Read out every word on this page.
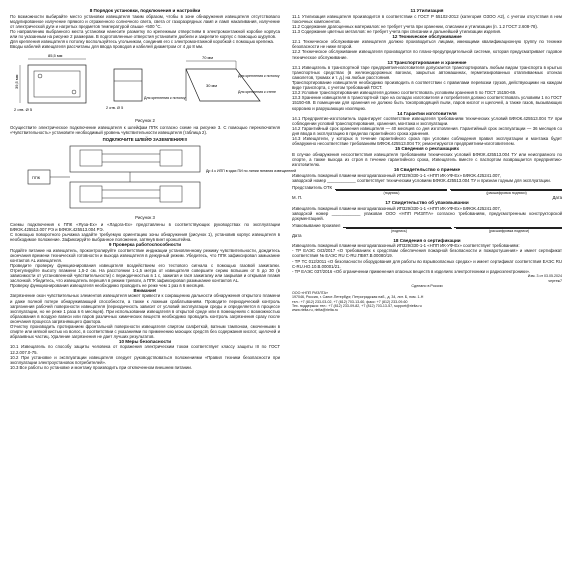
8 Порядок установки, подключения и настройки

По возможности выбирайте место установки извещателя таким образом, чтобы в зоне обнаружения извещателя отсутствовало модулированное излучение прямого и отраженного солнечного света, света от газоразрядных ламп и ламп накаливания, излучение от электрической дуги и нагретых предметов температурой свыше +500 °С.

По направлению выбранного места установки нанесите разметку по крепежным отверстиям в электромонтажной коробке корпуса или по указанным на рисунке 2 размерам. В подготовленные отверстия установите дюбели и закрепите корпус с помощью шурупов.

Для крепления извещателя к потолку воспользуйтесь угольником, соединив его с электромонтажной коробкой с помощью крепежа.

Вводы кабелей извещателя рассчитаны для ввода проводов и кабелей диаметром от 4 до 8 мм.

85,5 мм
39,5 мм
2 отв. Ø 5	2 отв. Ø 5
Для крепления к потолку
70 мм
30 мм
Для крепления к потолку
Для крепления к стене
Рисунок 2

Осуществите электрическое подключение извещателя к шлейфам ППК согласно схеме на рисунке 3. С помощью переключателя «Чувствительность» установите необходимый уровень чувствительности извещателя (таблица 2).

ПОДКЛЮЧИТЕ ШЛЕЙФ ЗАЗЕМЛЕНИЯ!!!
ППК
Др 4 к ИПП в ядах ПИ по линии питания извещателей
Рисунок 3

Схемы подключения к ППК «Яуза-Ех» и «Ладога-Ех» представлены в соответствующих руководствах по эксплуатации БФЮК.425513.007 РЭ и БФЮК.425513.004 РЭ.

С помощью поворотного рычажка задайте требуемую ориентацию зоны обнаружения (рисунок 1), установив корпус извещателя в необходимое положение. Зафиксируйте выбранное положение, затянув винт кронштейна.

9 Проверка работоспособности

Подайте питание на извещатель, проконтролируйте соответствие индикации установленному режиму чувствительности, дождитесь окончания времени технической готовности и выхода извещателя в дежурный режим. Убедитесь, что ППК зафиксировал замыкание контактов AL извещателя.

Проведите проверку функционирования извещателя воздействием его тестового сигнала с помощью газовой зажигалки. Отрегулируйте высоту пламени 1,5-2 см. На расстоянии 1-1,5 метра от извещателя совершите серию вспышек от 5 до 30 (в зависимости от установленной чувствительности) с периодичностью в 1 с, зажигая и гася зажигалку или закрывая и открывая пламя заслонкой. Убедитесь, что извещатель перешёл в режим тревоги, а ППК зафиксировал размыкание контактов AL.

Проверку функционирования извещателя необходимо проводить не реже чем 1 раз в 6 месяцев.

Внимание!

Загрязнение окон чувствительных элементов извещателя может привести к сокращению дальности обнаружения открытого пламени и даже полной потере обнаруживающей способности, а также к ложным срабатываниям. Проводите периодический контроль загрязнения рабочей поверхности извещателя (периодичность зависит от условий эксплуатации среды и определяется в процессе эксплуатации, но не реже 1 раза в 6 месяцев). При использовании извещателя в открытой среде или в помещениях с возможностью образования в воздухе взвеси или паров различных химических веществ необходимо проводить контроль загрязнения сразу после окончания процесса загрязняющего фактора.

Отчистку производить протиранием фронтальной поверхности извещателя спиртом салфеткой, ватным тампоном, смоченными в спирте или мягкой кистью из волос, в соответствии с указаниями по применению моющих средств без содержания кислот, щелочей и абразивных частиц. Удаление загрязнения не дает лучших результатов.

10 Меры безопасности

10.1 Извещатель по способу защиты человека от поражения электрическим током соответствует классу защиты III по ГОСТ 12.2.007.0-75.

10.2 При установке и эксплуатации извещателя следует руководствоваться положениями «Правил техники безопасности при эксплуатации электроустановок потребителей».

10.3 Все работы по установке и монтажу производить при отключенном внешнем питании.

11 Утилизация

11.1 Утилизация извещателя производится в соответствии с ГОСТ Р 55102-2012 (категория ОЗОО А2), с учетом отсутствия в нем токсичных компонентов.

11.2 Содержание драгоценных материалов: не требует учета при хранении, списании и утилизации (п. 1.2 ГОСТ 2.608-78).

11.3 Содержание цветных металлов: не требует учета при списании и дальнейшей утилизации изделия.

12 Техническое обслуживание

12.1 Техническое обслуживание извещателя должно производиться лицами, имеющими квалификационную группу по технике безопасности не ниже второй.

12.2 Техническое обслуживание извещателя производится по плано-предупредительной системе, которая предусматривает годовое техническое обслуживание.

13 Транспортирование и хранение

13.1 Извещатель в транспортной таре предприятия-изготовителя допускается транспортировать любым видом транспорта в крытых транспортных средствах (в железнодорожных вагонах, закрытых автомашинах, герметизированных отапливаемых отсеках самолетов, трюмах и т. д.) на любые расстояния.

Транспортирование извещателя необходимо производить в соответствии с правилами перевозки грузов, действующими на каждом виде транспорта, с учетом требований ГОСТ.

13.2 Условие транспортирования извещателя должно соответствовать условиям хранения 5 по ГОСТ 15150-69.

13.3 Хранение извещателя в транспортной таре на складах изготовителя и потребителя должно соответствовать условиям 1 по ГОСТ 15150-69. В помещении для хранения не должно быть токопроводящей пыли, паров кислот и щелочей, а также газов, вызывающих коррозию и разрушающих изоляцию.

14 Гарантии изготовителя

14.1 Предприятие-изготовитель гарантирует соответствие извещателя требованиям технических условий БФЮК.425513.004 ТУ при соблюдении условий транспортирования, хранения, монтажа и эксплуатации.

14.2 Гарантийный срок хранения извещателя — 40 месяцев со дня изготовления. Гарантийный срок эксплуатации — 36 месяцев со дня ввода в эксплуатацию в пределах гарантийного срока хранения.

14.3 Извещатели, у которых в течение гарантийного срока при условии соблюдения правил эксплуатации и монтажа будет обнаружено несоответствие требованиям БФЮК.425513.004 ТУ, ремонтируются предприятием-изготовителем.

15 Сведения о рекламациях

В случае обнаружения несоответствия извещателя требованиям технических условий БФЮК.425513.004 ТУ или неисправного по спорте, а также выхода из строя в течение гарантийного срока, Извещатель вместе с паспортом возвращается предприятию-изготовителю.

16 Свидетельство о приемке

Извещатель пожарный пламени многодиапазонный ИП329/330-1-1 «НПП ИК-УФ-Ех» БФЮК.425241.007,

заводской номер ____________ соответствует техническим условиям БФЮК.425513.004 ТУ и признан годным для эксплуатации.

Представитель ОТК
(подпись)	(расшифровка подписи)
М. П.	Дата
17 Свидетельство об упаковывании

Извещатель пожарный пламени многодиапазонный ИП329/330-1-1 «НПП ИК-УФ-Ех» БФЮК.425241.007,

заводской номер ____________ упакован ООО «НПП РИЗЛТА» согласно требованиям, предусмотренным конструкторской документацией.

Упаковывание произвел
(подпись)	(расшифровка подписи)
Дата
18 Сведения о сертификации

Извещатель пожарный пламени многодиапазонный ИП329/330-1-1 «НПП ИК-УФ-Ех» соответствует требованиям:

- ТР ЕАЭС 043/2017 «О требованиях к средствам обеспечения пожарной безопасности и пожаротушения» и имеет сертификат соответствия № ЕАЭС RU C-RU.ПБ97.В.00080/19.

- ТР ТС 012/2011 «О безопасности оборудования для работы во взрывоопасных средах» и имеет сертификат соответствия ЕАЭС RU C-RU.НО.10.В.00001/21.

- ТР ЕАЭС 037/2016 «Об ограничении применения опасных веществ в изделиях электротехники и радиоэлектроники».

Изм. 3 от 03.05.2024
чертеж7
Сделано в России
ООО «НПП РИЗЛТА»
197046, Россия, г. Санкт-Петербург, Петроградская наб., д. 34, лит. Б, пом. 1-Н
тел.: +7 (812) 233-03-02, +7 (812) 703-13-60, факс: +7 (812) 233-09-60
Тех. поддержка: тел.: +7 (812) 233-09-82, +7 (812) 703-13-57, support@rielta.ru
www.rielta.ru, rielta@rielta.ru
